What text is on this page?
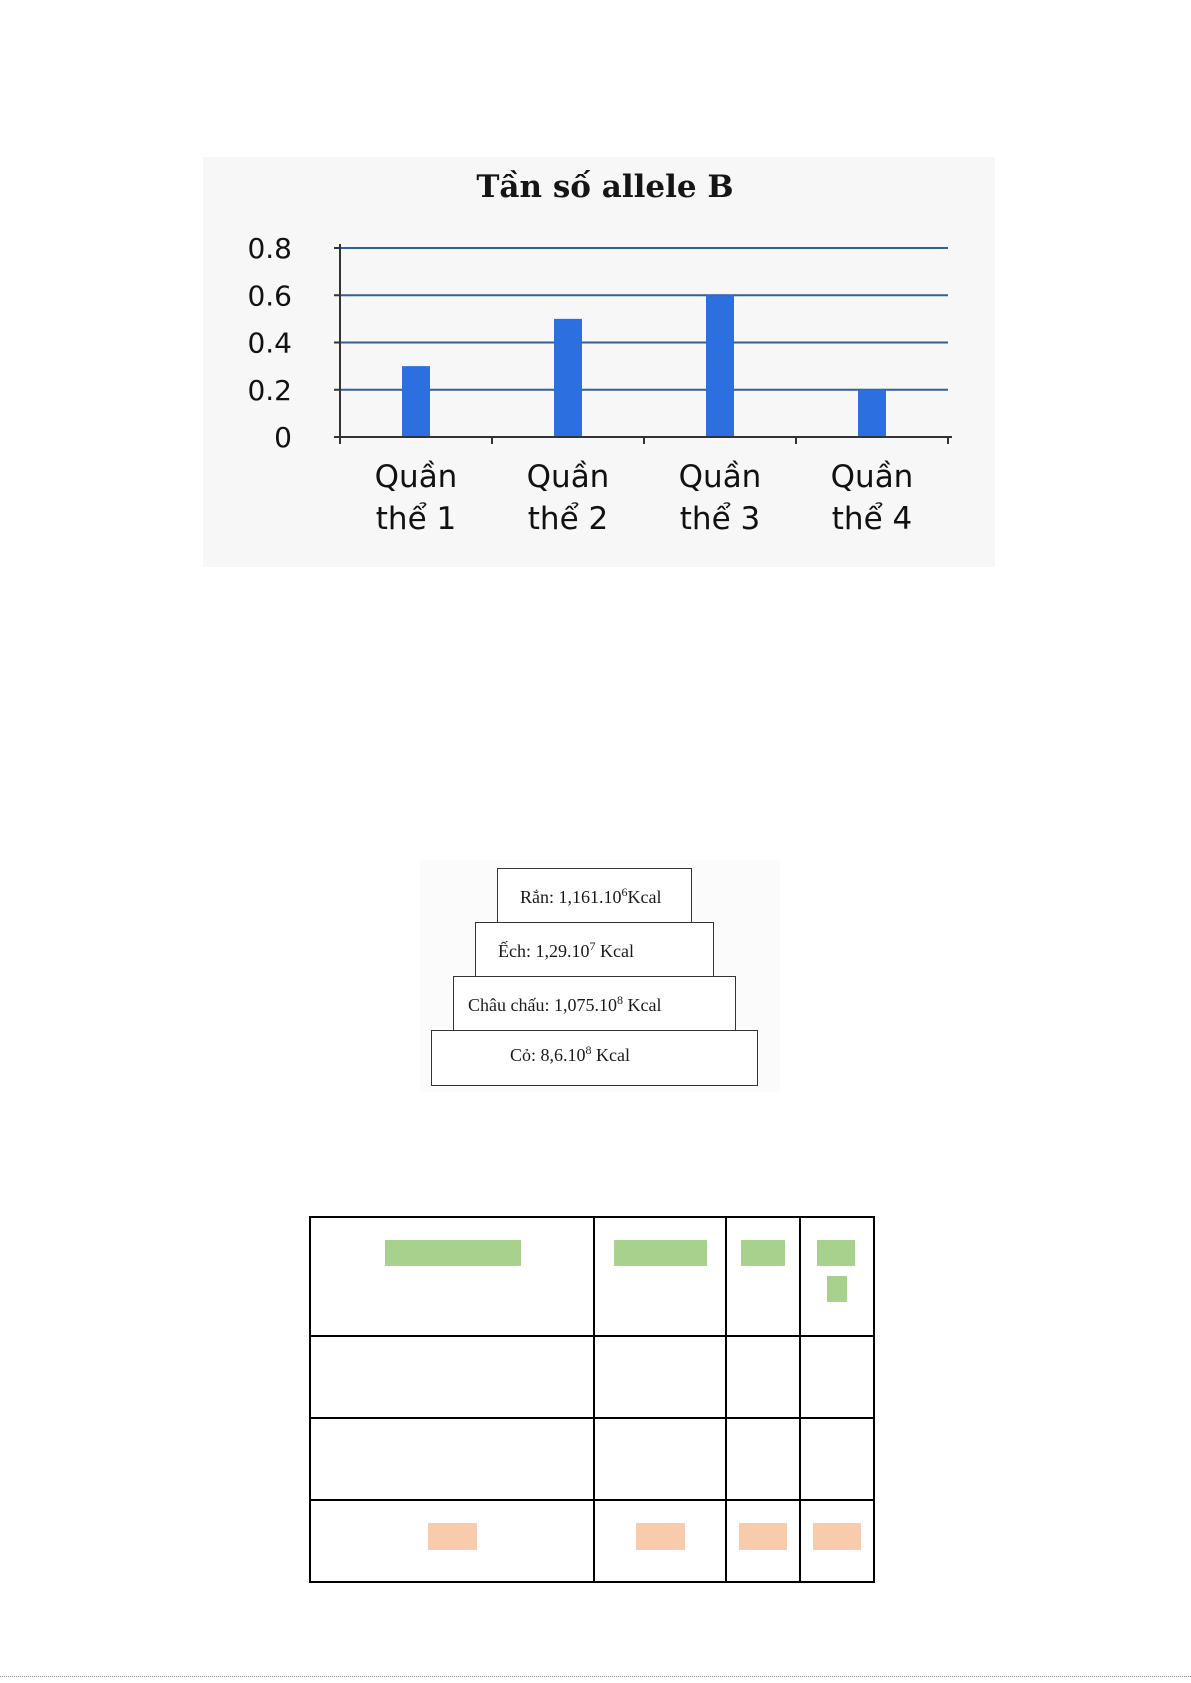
Tần số allele B
0
0.2
0.4
0.6
0.8
Quần thể 1
Quần thể 2
Quần thể 3
Quần thể 4
Rắn: 1,161.10$^6$Kcal
Ếch: 1,29.10$^7$ Kcal
Châu chấu: 1,075.10$^8$ Kcal
Cỏ: 8,6.10$^8$ Kcal
